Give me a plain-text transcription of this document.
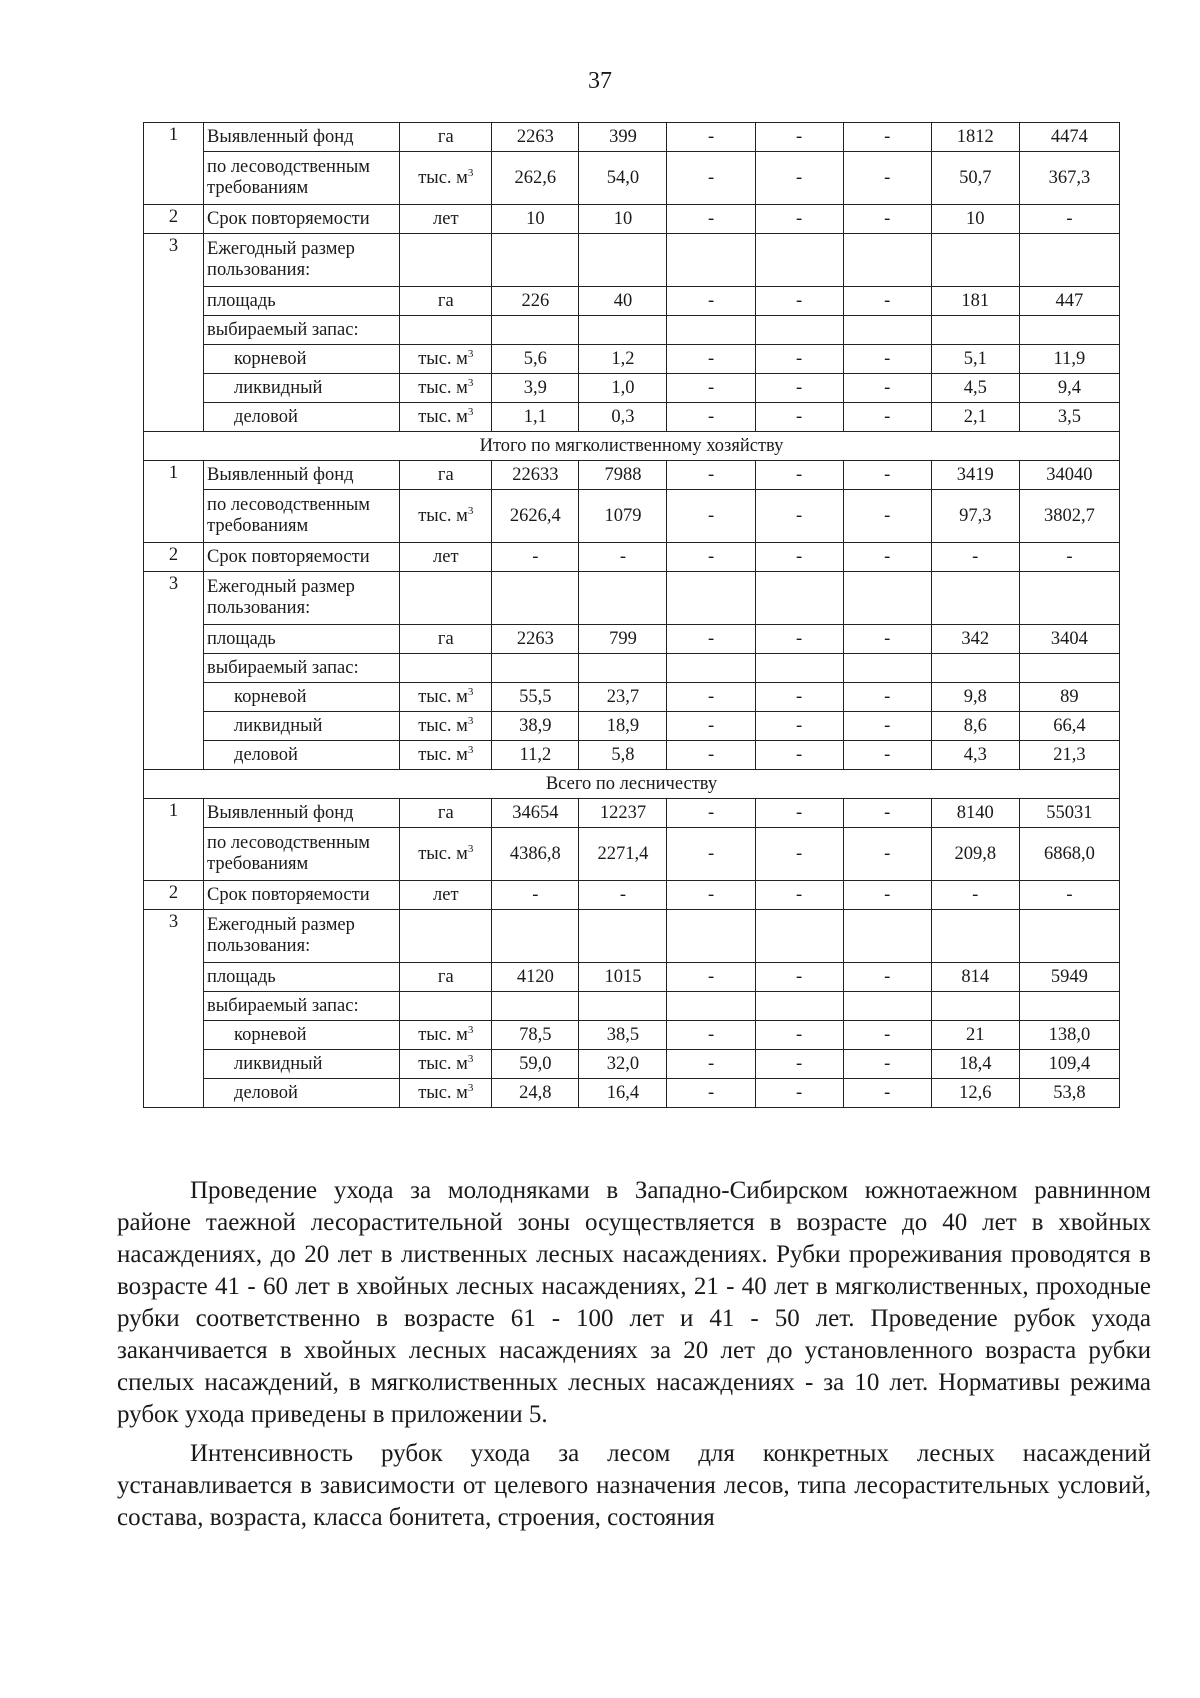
37
1	Выявленный фонд	га	2263	399	-	-	-	1812	4474
	по лесоводственным требованиям	тыс. $м^3$	262,6	54,0	-	-	-	50,7	367,3
2	Срок повторяемости	лет	10	10	-	-	-	10	-
3	Ежегодный размер пользования:								
	площадь	га	226	40	-	-	-	181	447
	выбираемый запас:								
	корневой	тыс. $м^3$	5,6	1,2	-	-	-	5,1	11,9
	ликвидный	тыс. $м^3$	3,9	1,0	-	-	-	4,5	9,4
	деловой	тыс. $м^3$	1,1	0,3	-	-	-	2,1	3,5
Итого по мягколиственному хозяйству									
1	Выявленный фонд	га	22633	7988	-	-	-	3419	34040
	по лесоводственным требованиям	тыс. $м^3$	2626,4	1079	-	-	-	97,3	3802,7
2	Срок повторяемости	лет	-	-	-	-	-	-	-
3	Ежегодный размер пользования:								
	площадь	га	2263	799	-	-	-	342	3404
	выбираемый запас:								
	корневой	тыс. $м^3$	55,5	23,7	-	-	-	9,8	89
	ликвидный	тыс. $м^3$	38,9	18,9	-	-	-	8,6	66,4
	деловой	тыс. $м^3$	11,2	5,8	-	-	-	4,3	21,3
Всего по лесничеству									
1	Выявленный фонд	га	34654	12237	-	-	-	8140	55031
	по лесоводственным требованиям	тыс. $м^3$	4386,8	2271,4	-	-	-	209,8	6868,0
2	Срок повторяемости	лет	-	-	-	-	-	-	-
3	Ежегодный размер пользования:								
	площадь	га	4120	1015	-	-	-	814	5949
	выбираемый запас:								
	корневой	тыс. $м^3$	78,5	38,5	-	-	-	21	138,0
	ликвидный	тыс. $м^3$	59,0	32,0	-	-	-	18,4	109,4
	деловой	тыс. $м^3$	24,8	16,4	-	-	-	12,6	53,8

Проведение ухода за молодняками в Западно-Сибирском южнотаежном равнинном районе таежной лесорастительной зоны осуществляется в возрасте до 40 лет в хвойных насаждениях, до 20 лет в лиственных лесных насаждениях. Рубки прореживания проводятся в возрасте 41 - 60 лет в хвойных лесных насаждениях, 21 - 40 лет в мягколиственных, проходные рубки соответственно в возрасте 61 - 100 лет и 41 - 50 лет. Проведение рубок ухода заканчивается в хвойных лесных насаждениях за 20 лет до установленного возраста рубки спелых насаждений, в мягколиственных лесных насаждениях - за 10 лет. Нормативы режима рубок ухода приведены в приложении 5.

Интенсивность рубок ухода за лесом для конкретных лесных насаждений устанавливается в зависимости от целевого назначения лесов, типа лесорастительных условий, состава, возраста, класса бонитета, строения, состояния
